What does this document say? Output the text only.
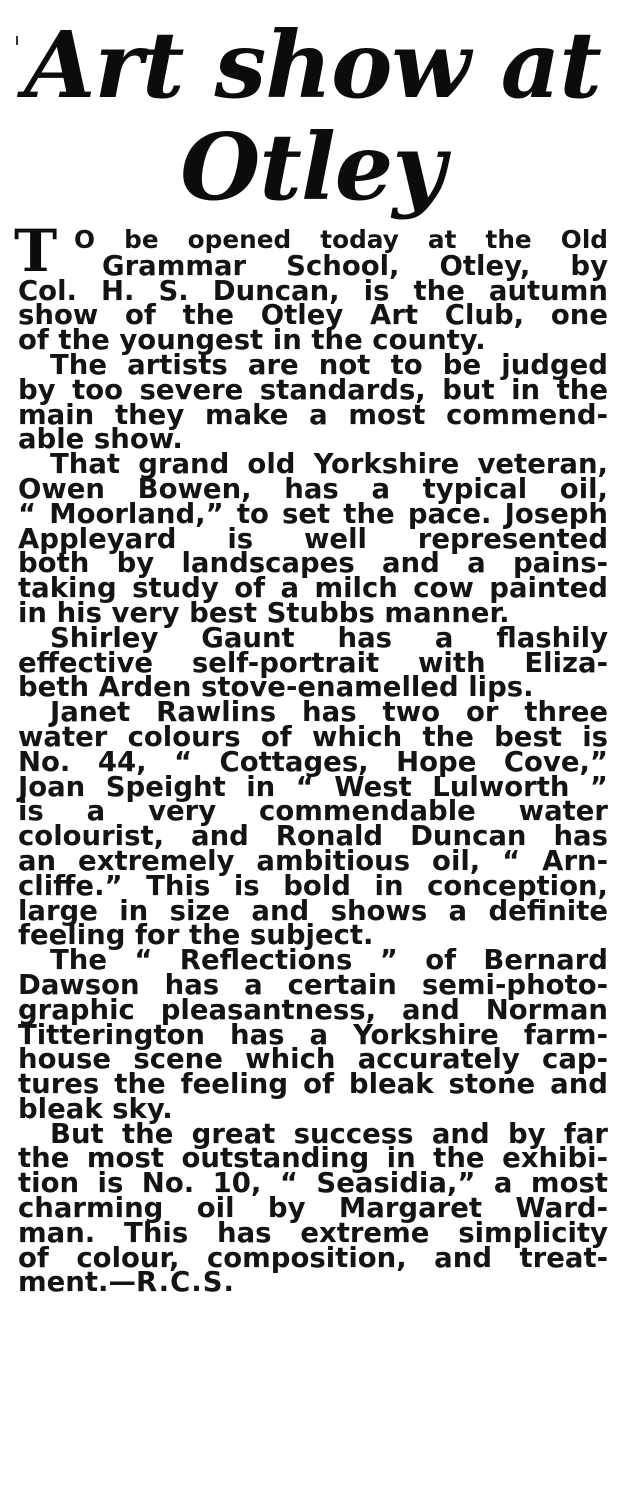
Art show at
Otley
T O be opened today at the Old
Grammar School, Otley, by
Col. H. S. Duncan, is the autumn
show of the Otley Art Club, one
of the youngest in the county.
The artists are not to be judged
by too severe standards, but in the
main they make a most commend-
able show.
That grand old Yorkshire veteran,
Owen Bowen, has a typical oil,
“ Moorland,” to set the pace. Joseph
Appleyard is well represented
both by landscapes and a pains-
taking study of a milch cow painted
in his very best Stubbs manner.
Shirley Gaunt has a flashily
effective self-portrait with Eliza-
beth Arden stove-enamelled lips.
Janet Rawlins has two or three
water colours of which the best is
No. 44, “ Cottages, Hope Cove,”
Joan Speight in “ West Lulworth ”
is a very commendable water
colourist, and Ronald Duncan has
an extremely ambitious oil, “ Arn-
cliffe.” This is bold in conception,
large in size and shows a definite
feeling for the subject.
The “ Reflections ” of Bernard
Dawson has a certain semi-photo-
graphic pleasantness, and Norman
Titterington has a Yorkshire farm-
house scene which accurately cap-
tures the feeling of bleak stone and
bleak sky.
But the great success and by far
the most outstanding in the exhibi-
tion is No. 10, “ Seasidia,” a most
charming oil by Margaret Ward-
man. This has extreme simplicity
of colour, composition, and treat-
ment.—R.C.S.
